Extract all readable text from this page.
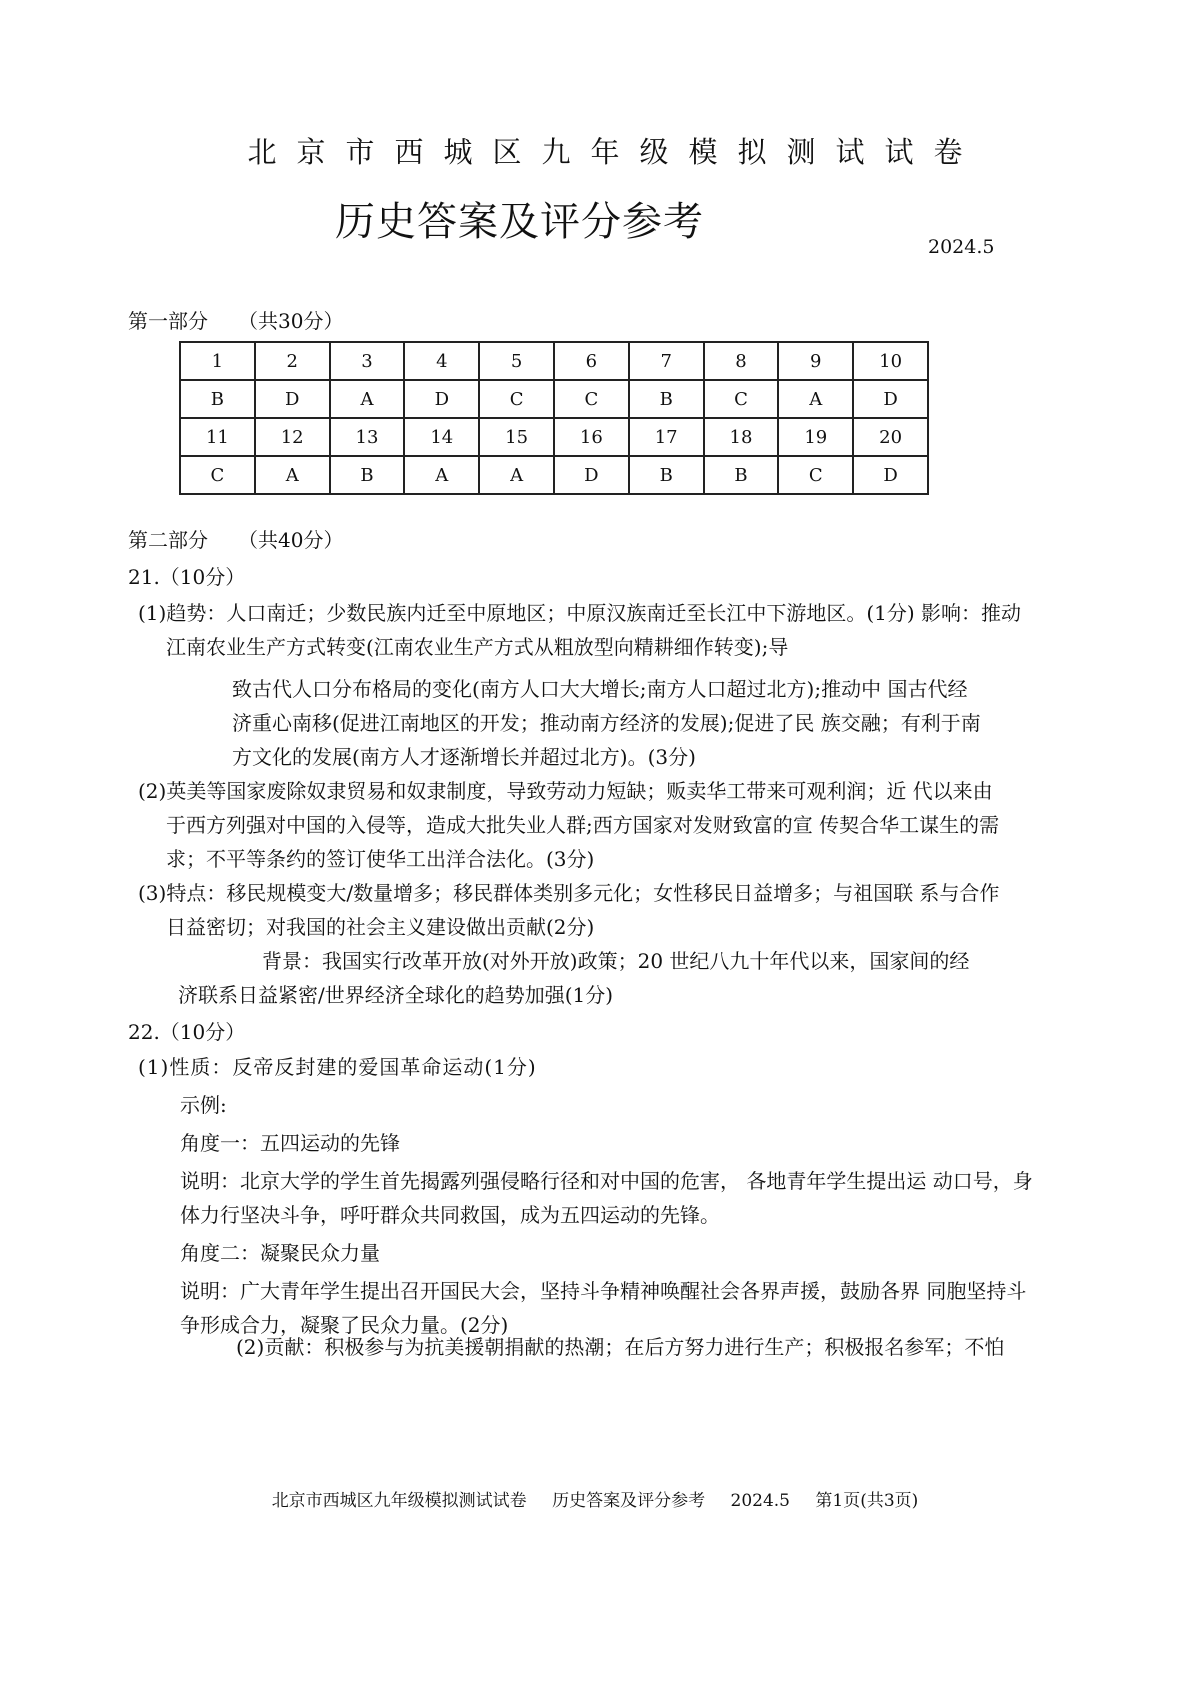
北京市西城区九年级模拟测试试卷
历史答案及评分参考
2024.5
第一部分 （共30分）
1	2	3	4	5	6	7	8	9	10
B	D	A	D	C	C	B	C	A	D
11	12	13	14	15	16	17	18	19	20
C	A	B	A	A	D	B	B	C	D
第二部分 （共40分）
21.（10分）
(1)趋势：人口南迁；少数民族内迁至中原地区；中原汉族南迁至长江中下游地区。(1分) 影响：推动
江南农业生产方式转变(江南农业生产方式从粗放型向精耕细作转变);导
致古代人口分布格局的变化(南方人口大大增长;南方人口超过北方);推动中 国古代经
济重心南移(促进江南地区的开发；推动南方经济的发展);促进了民 族交融；有利于南
方文化的发展(南方人才逐渐增长并超过北方)。(3分)
(2)英美等国家废除奴隶贸易和奴隶制度，导致劳动力短缺；贩卖华工带来可观利润；近 代以来由
于西方列强对中国的入侵等，造成大批失业人群;西方国家对发财致富的宣 传契合华工谋生的需
求；不平等条约的签订使华工出洋合法化。(3分)
(3)特点：移民规模变大/数量增多；移民群体类别多元化；女性移民日益增多；与祖国联 系与合作
日益密切；对我国的社会主义建设做出贡献(2分)
背景：我国实行改革开放(对外开放)政策；20 世纪八九十年代以来，国家间的经
济联系日益紧密/世界经济全球化的趋势加强(1分)
22.（10分）
(1)性质：反帝反封建的爱国革命运动(1分)
示例:
角度一：五四运动的先锋
说明：北京大学的学生首先揭露列强侵略行径和对中国的危害， 各地青年学生提出运 动口号，身
体力行坚决斗争，呼吁群众共同救国，成为五四运动的先锋。
角度二：凝聚民众力量
说明：广大青年学生提出召开国民大会，坚持斗争精神唤醒社会各界声援，鼓励各界 同胞坚持斗
争形成合力，凝聚了民众力量。(2分)
(2)贡献：积极参与为抗美援朝捐献的热潮；在后方努力进行生产；积极报名参军；不怕
北京市西城区九年级模拟测试试卷 历史答案及评分参考 2024.5 第1页(共3页)
